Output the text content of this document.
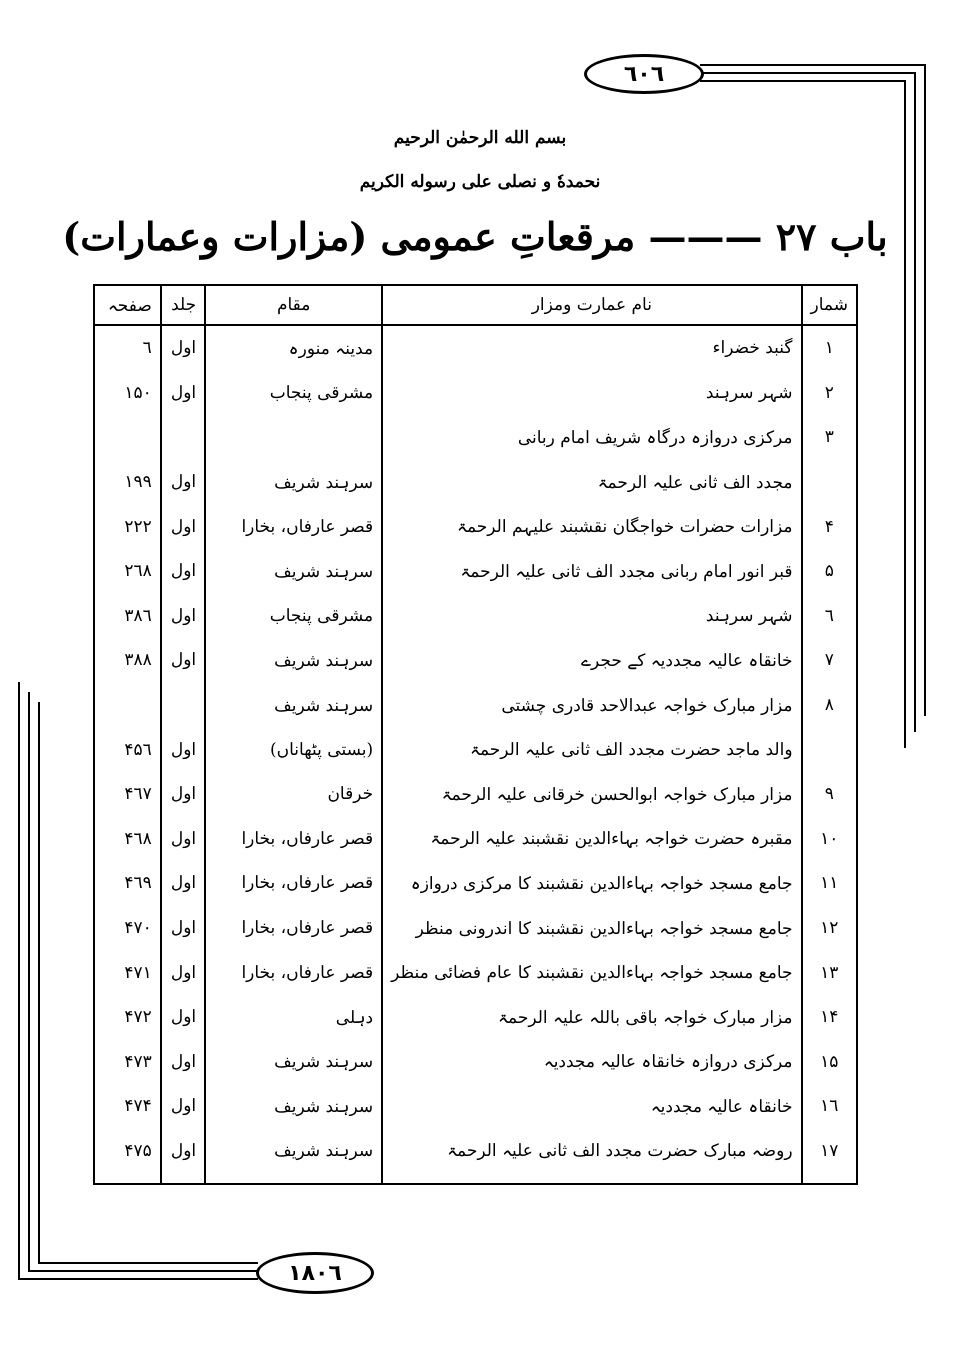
٦٠٦
١٨٠٦
بسم الله الرحمٰن الرحیم
نحمدهٗ و نصلی علی رسوله الکریم
باب ۲۷ ——— مرقعاتِ عمومی (مزارات وعمارات)
شمار	نام عمارت ومزار	مقام	جلد	صفحہ
۱	گنبد خضراء	مدینہ منورہ	اول	٦
۲	شہر سرہند	مشرقی پنجاب	اول	۱۵۰
۳	مرکزی دروازہ درگاہ شریف امام ربانی			
	مجدد الف ثانی علیہ الرحمۃ	سرہند شریف	اول	۱۹۹
۴	مزارات حضرات خواجگان نقشبند علیہم الرحمۃ	قصر عارفاں، بخارا	اول	۲۲۲
۵	قبر انور امام ربانی مجدد الف ثانی علیہ الرحمۃ	سرہند شریف	اول	۲٦۸
٦	شہر سرہند	مشرقی پنجاب	اول	۳۸٦
۷	خانقاہ عالیہ مجددیہ کے حجرے	سرہند شریف	اول	۳۸۸
۸	مزار مبارک خواجہ عبدالاحد قادری چشتی	سرہند شریف		
	والد ماجد حضرت مجدد الف ثانی علیہ الرحمۃ	(بستی پٹھاناں)	اول	۴۵٦
۹	مزار مبارک خواجہ ابوالحسن خرقانی علیہ الرحمۃ	خرقان	اول	۴٦۷
۱۰	مقبرہ حضرت خواجہ بہاءالدین نقشبند علیہ الرحمۃ	قصر عارفاں، بخارا	اول	۴٦۸
۱۱	جامع مسجد خواجہ بہاءالدین نقشبند کا مرکزی دروازہ	قصر عارفاں، بخارا	اول	۴٦۹
۱۲	جامع مسجد خواجہ بہاءالدین نقشبند کا اندرونی منظر	قصر عارفاں، بخارا	اول	۴۷۰
۱۳	جامع مسجد خواجہ بہاءالدین نقشبند کا عام فضائی منظر	قصر عارفاں، بخارا	اول	۴۷۱
۱۴	مزار مبارک خواجہ باقی باللہ علیہ الرحمۃ	دہلی	اول	۴۷۲
۱۵	مرکزی دروازہ خانقاہ عالیہ مجددیہ	سرہند شریف	اول	۴۷۳
۱٦	خانقاہ عالیہ مجددیہ	سرہند شریف	اول	۴۷۴
۱۷	روضہ مبارک حضرت مجدد الف ثانی علیہ الرحمۃ	سرہند شریف	اول	۴۷۵
